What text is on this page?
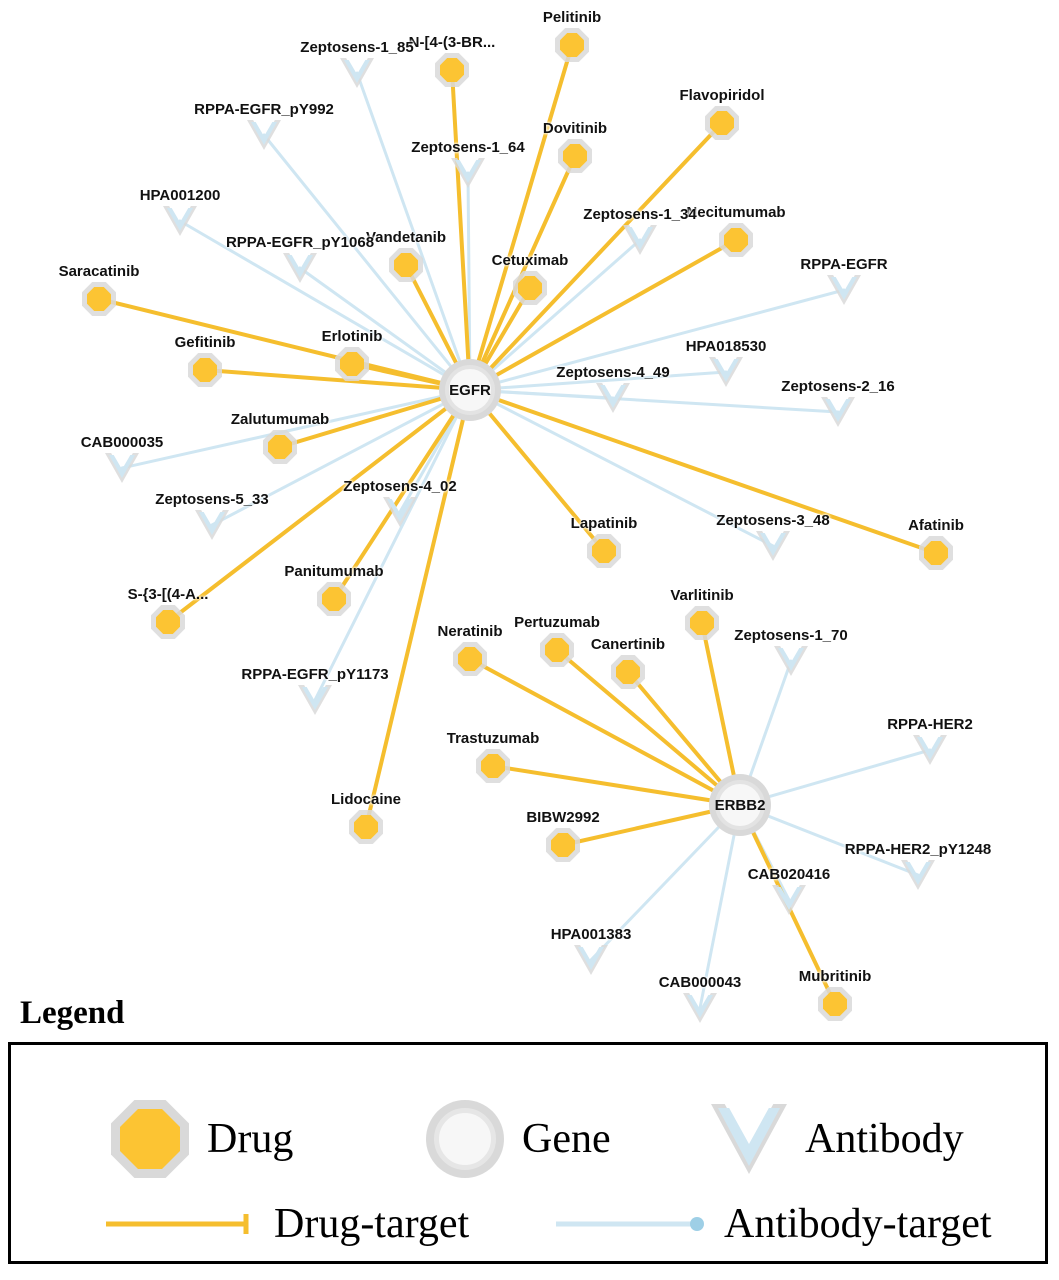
Pelitinib
N-[4-(3-BR...
Flavopiridol
Dovitinib
Necitumumab
Vandetanib
Cetuximab
Saracatinib
Gefitinib	Erlotinib
Zalutumumab
Afatinib
Lapatinib
Varlitinib
Panitumumab
S-{3-[(4-A...
Pertuzumab
Neratinib
Canertinib
Trastuzumab
Lidocaine
BIBW2992
Mubritinib
Zeptosens-1_85
RPPA-EGFR_pY992
Zeptosens-1_64
HPA001200
Zeptosens-1_34
RPPA-EGFR_pY1068
RPPA-EGFR
HPA018530
Zeptosens-4_49
Zeptosens-2_16
CAB000035
Zeptosens-5_33
Zeptosens-4_02
Zeptosens-3_48
Zeptosens-1_70
RPPA-EGFR_pY1173
RPPA-HER2
RPPA-HER2_pY1248
CAB020416
HPA001383
CAB000043
EGFR
ERBB2
Legend
Drug	Gene	Antibody
Drug-target	Antibody-target
